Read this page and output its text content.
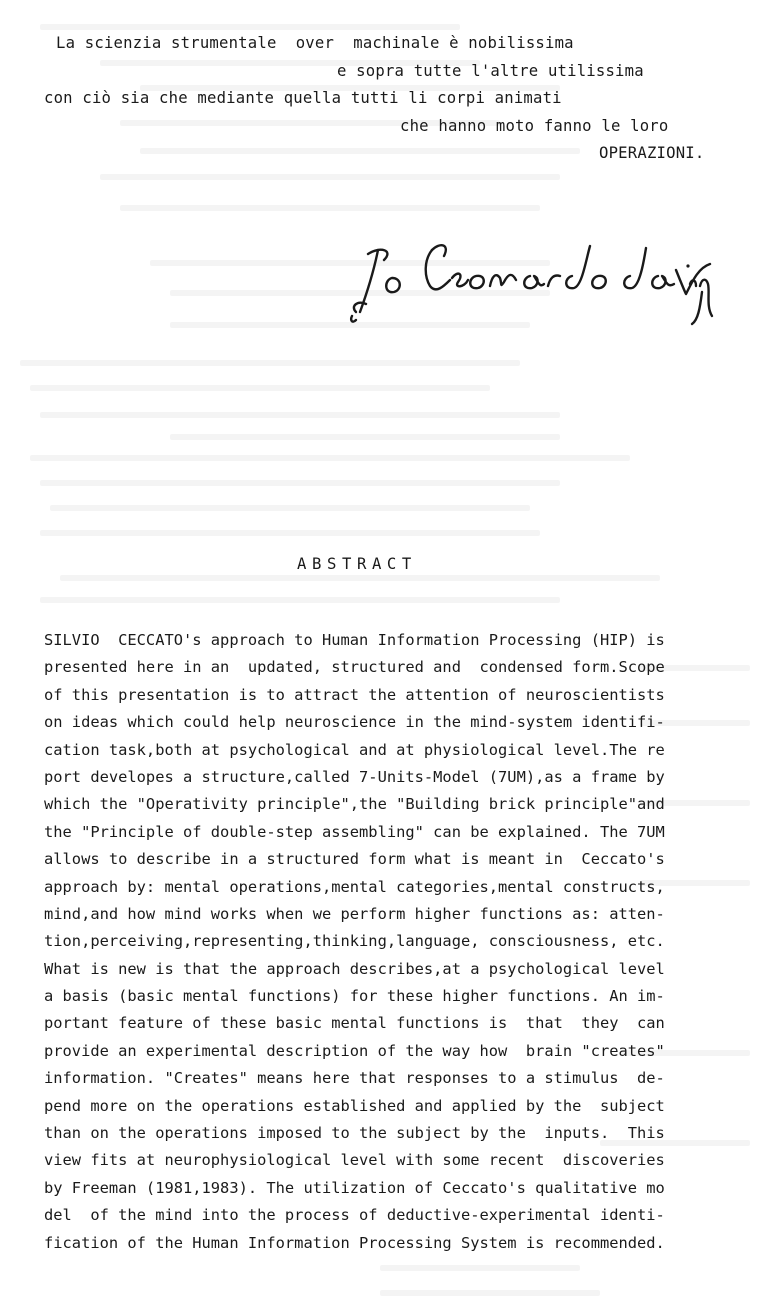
La scienzia strumentale  over  machinale è nobilissima
e sopra tutte l'altre utilissima
con ciò sia che mediante quella tutti li corpi animati
che hanno moto fanno le loro
OPERAZIONI.
ABSTRACT
SILVIO  CECCATO's approach to Human Information Processing (HIP) is
presented here in an  updated, structured and  condensed form.Scope
of this presentation is to attract the attention of neuroscientists
on ideas which could help neuroscience in the mind-system identifi-
cation task,both at psychological and at physiological level.The re
port developes a structure,called 7-Units-Model (7UM),as a frame by
which the "Operativity principle",the "Building brick principle"and
the "Principle of double-step assembling" can be explained. The 7UM
allows to describe in a structured form what is meant in  Ceccato's
approach by: mental operations,mental categories,mental constructs,
mind,and how mind works when we perform higher functions as: atten-
tion,perceiving,representing,thinking,language, consciousness, etc.
What is new is that the approach describes,at a psychological level
a basis (basic mental functions) for these higher functions. An im-
portant feature of these basic mental functions is  that  they  can
provide an experimental description of the way how  brain "creates"
information. "Creates" means here that responses to a stimulus  de-
pend more on the operations established and applied by the  subject
than on the operations imposed to the subject by the  inputs.  This
view fits at neurophysiological level with some recent  discoveries
by Freeman (1981,1983). The utilization of Ceccato's qualitative mo
del  of the mind into the process of deductive-experimental identi-
fication of the Human Information Processing System is recommended.
